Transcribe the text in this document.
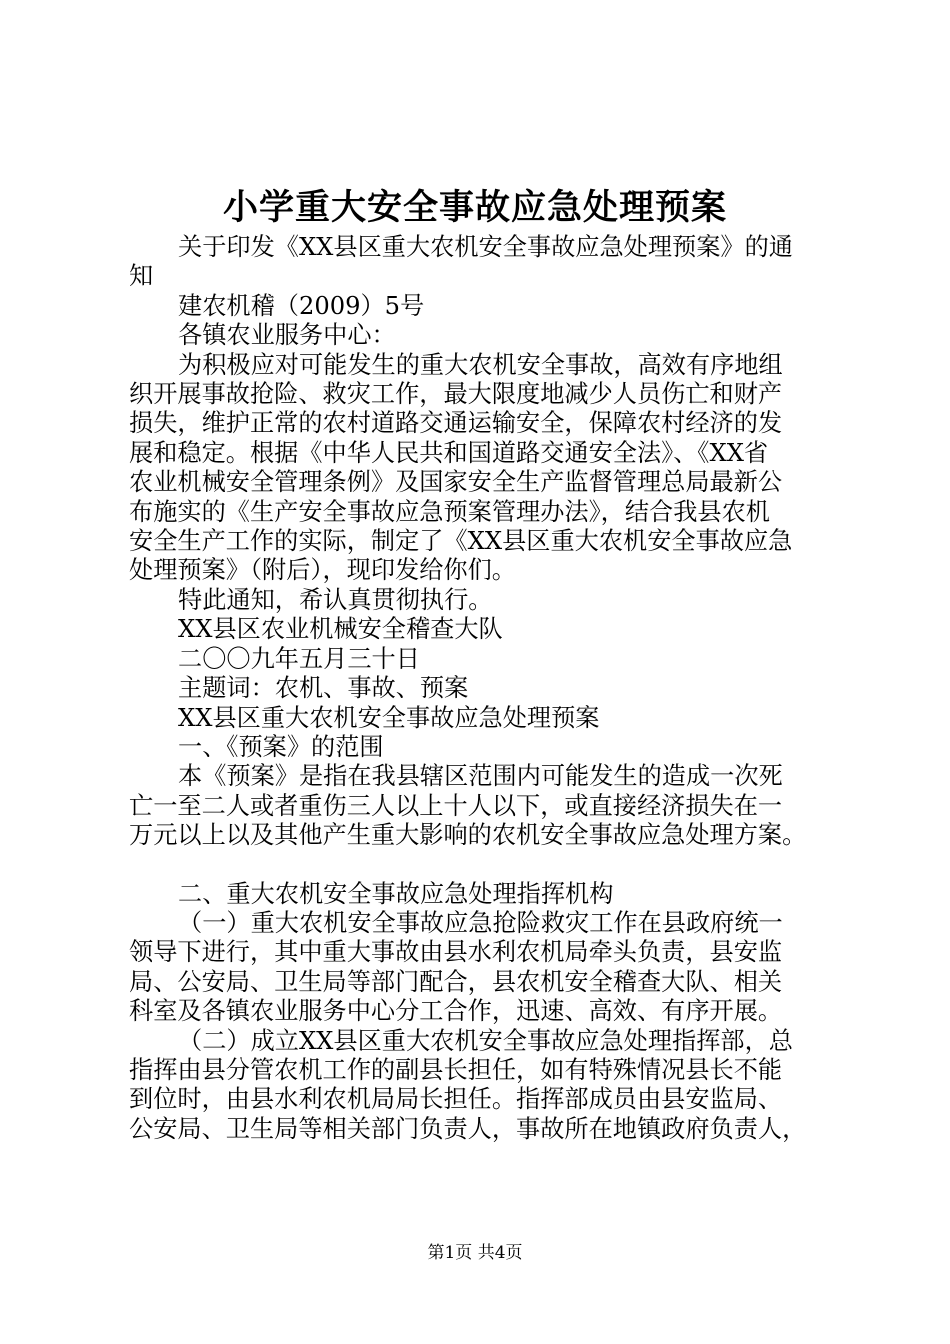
小学重大安全事故应急处理预案

关于印发《XX县区重大农机安全事故应急处理预案》的通

知

建农机稽（2009）5号

各镇农业服务中心：

为积极应对可能发生的重大农机安全事故，高效有序地组

织开展事故抢险、救灾工作，最大限度地减少人员伤亡和财产

损失，维护正常的农村道路交通运输安全，保障农村经济的发

展和稳定。根据《中华人民共和国道路交通安全法》、《XX省

农业机械安全管理条例》及国家安全生产监督管理总局最新公

布施实的《生产安全事故应急预案管理办法》，结合我县农机

安全生产工作的实际，制定了《XX县区重大农机安全事故应急

处理预案》（附后），现印发给你们。

特此通知，希认真贯彻执行。

XX县区农业机械安全稽查大队

二〇〇九年五月三十日

主题词：农机、事故、预案

XX县区重大农机安全事故应急处理预案

一、《预案》的范围

本《预案》是指在我县辖区范围内可能发生的造成一次死

亡一至二人或者重伤三人以上十人以下，或直接经济损失在一

万元以上以及其他产生重大影响的农机安全事故应急处理方案。

二、重大农机安全事故应急处理指挥机构

（一）重大农机安全事故应急抢险救灾工作在县政府统一

领导下进行，其中重大事故由县水利农机局牵头负责，县安监

局、公安局、卫生局等部门配合，县农机安全稽查大队、相关

科室及各镇农业服务中心分工合作，迅速、高效、有序开展。

（二）成立XX县区重大农机安全事故应急处理指挥部，总

指挥由县分管农机工作的副县长担任，如有特殊情况县长不能

到位时，由县水利农机局局长担任。指挥部成员由县安监局、

公安局、卫生局等相关部门负责人，事故所在地镇政府负责人，

第1页 共4页
